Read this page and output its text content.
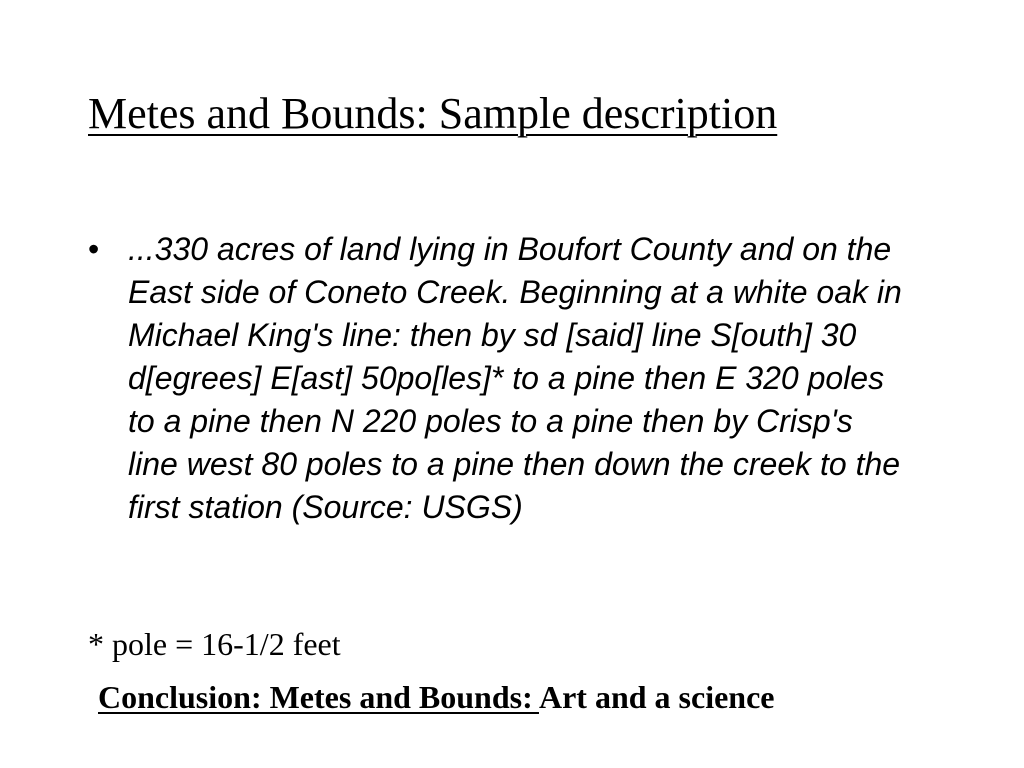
Metes and Bounds: Sample description
• ...330 acres of land lying in Boufort County and on the East side of Coneto Creek. Beginning at a white oak in Michael King's line: then by sd [said] line S[outh] 30 d[egrees] E[ast] 50po[les]* to a pine then E 320 poles to a pine then N 220 poles to a pine then by Crisp's line west 80 poles to a pine then down the creek to the first station (Source: USGS)

* pole = 16-1/2 feet

Conclusion: Metes and Bounds: Art and a science
